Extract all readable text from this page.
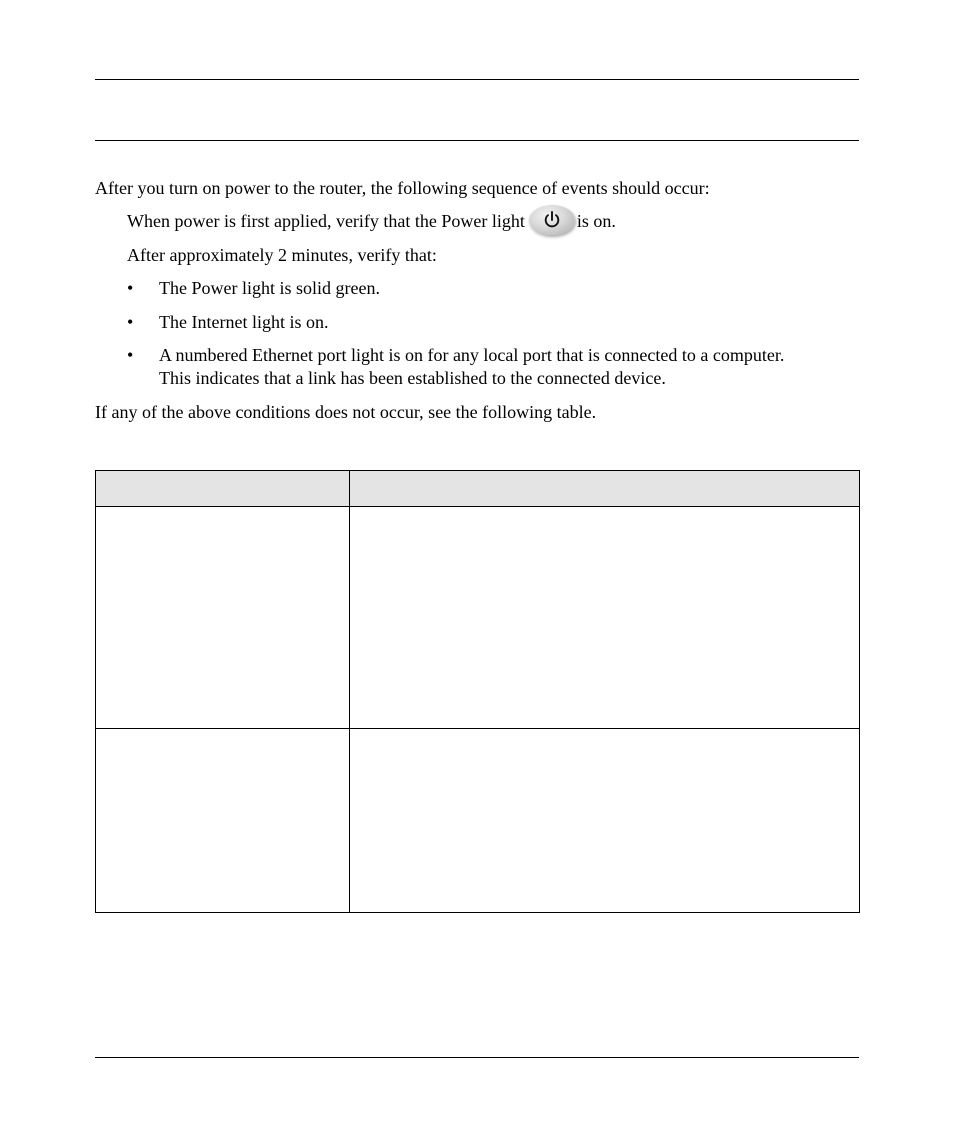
After you turn on power to the router, the following sequence of events should occur:
When power is first applied, verify that the Power light	is on.
After approximately 2 minutes, verify that:
• The Power light is solid green.
• The Internet light is on.
• A numbered Ethernet port light is on for any local port that is connected to a computer.
This indicates that a link has been established to the connected device.
If any of the above conditions does not occur, see the following table.
